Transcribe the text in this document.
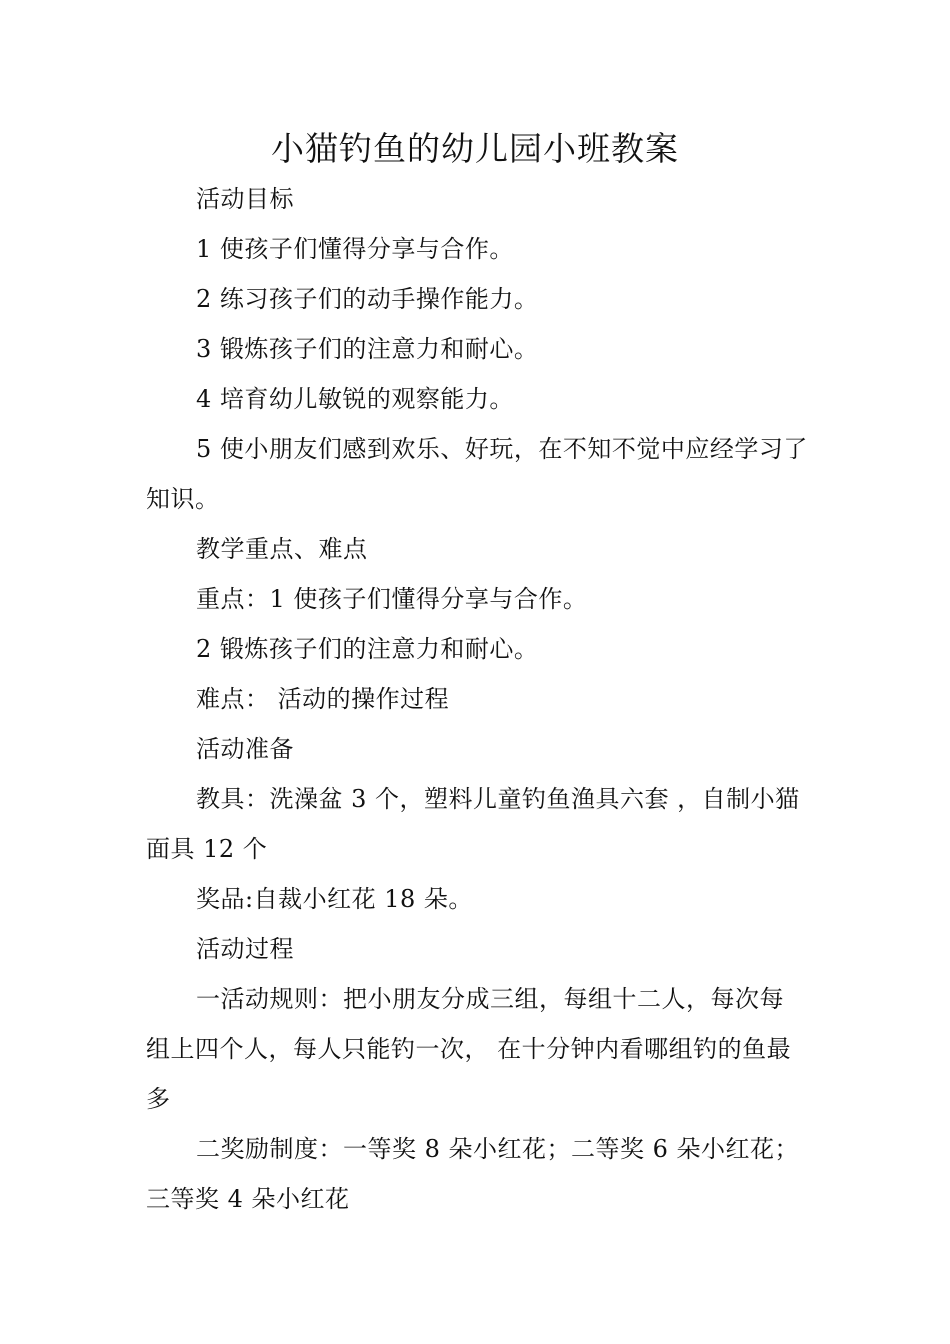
小猫钓鱼的幼儿园小班教案

活动目标

1 使孩子们懂得分享与合作。

2 练习孩子们的动手操作能力。

3 锻炼孩子们的注意力和耐心。

4 培育幼儿敏锐的观察能力。

5 使小朋友们感到欢乐、好玩，在不知不觉中应经学习了知识。

教学重点、难点

重点：1 使孩子们懂得分享与合作。

2 锻炼孩子们的注意力和耐心。

难点： 活动的操作过程

活动准备

教具：洗澡盆 3 个，塑料儿童钓鱼渔具六套 ，自制小猫面具 12 个

奖品:自裁小红花 18 朵。

活动过程

一活动规则：把小朋友分成三组，每组十二人，每次每组上四个人，每人只能钓一次， 在十分钟内看哪组钓的鱼最多

二奖励制度：一等奖 8 朵小红花；二等奖 6 朵小红花；三等奖 4 朵小红花
